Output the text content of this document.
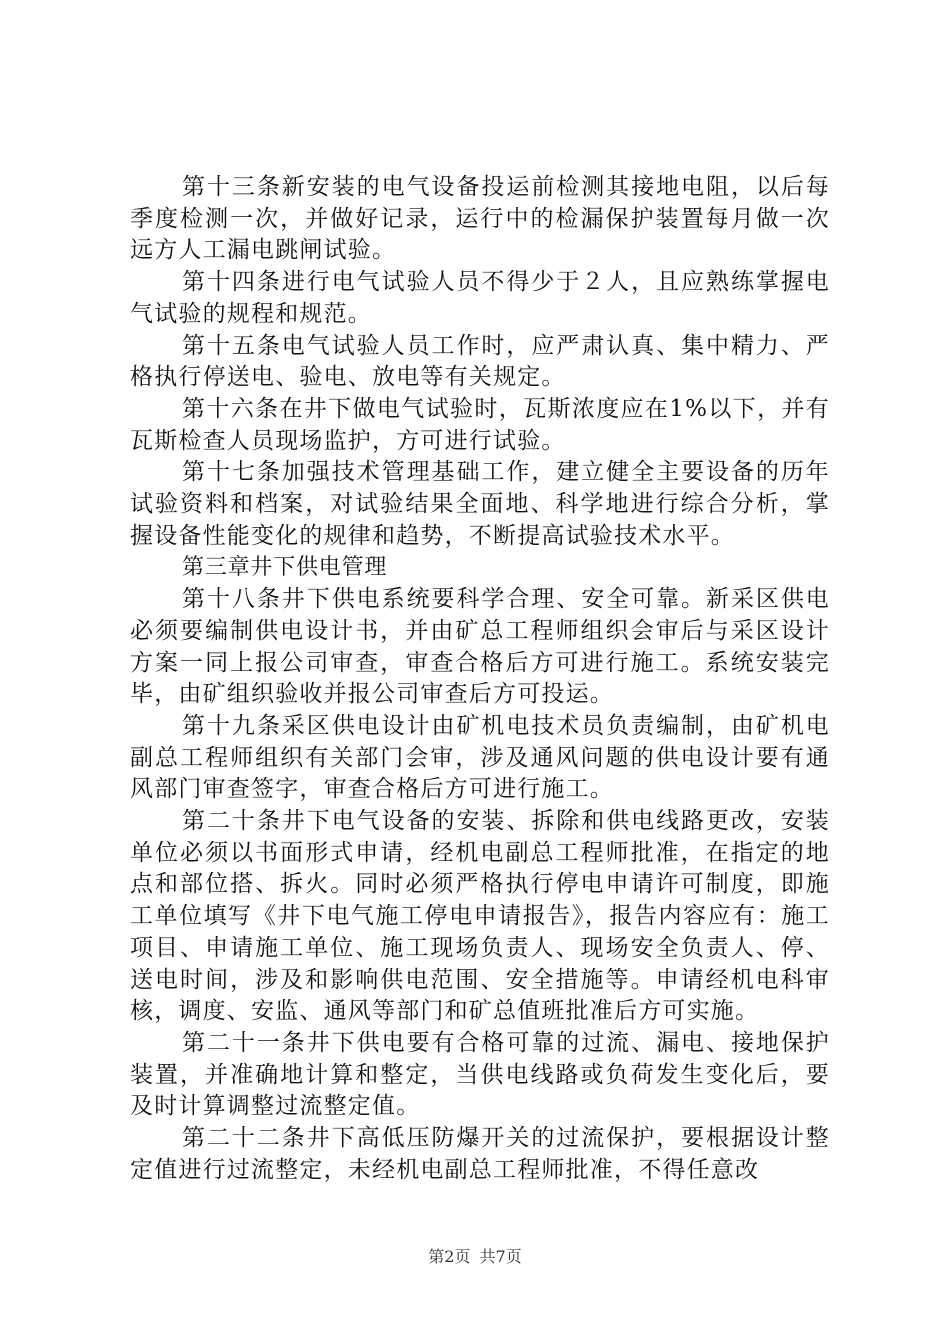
第十三条新安装的电气设备投运前检测其接地电阻，以后每季度检测一次，并做好记录，运行中的检漏保护装置每月做一次远方人工漏电跳闸试验。

第十四条进行电气试验人员不得少于２人，且应熟练掌握电气试验的规程和规范。

第十五条电气试验人员工作时，应严肃认真、集中精力、严格执行停送电、验电、放电等有关规定。

第十六条在井下做电气试验时，瓦斯浓度应在1%以下，并有瓦斯检查人员现场监护，方可进行试验。

第十七条加强技术管理基础工作，建立健全主要设备的历年试验资料和档案，对试验结果全面地、科学地进行综合分析，掌握设备性能变化的规律和趋势，不断提高试验技术水平。

第三章井下供电管理

第十八条井下供电系统要科学合理、安全可靠。新采区供电必须要编制供电设计书，并由矿总工程师组织会审后与采区设计方案一同上报公司审查，审查合格后方可进行施工。系统安装完毕，由矿组织验收并报公司审查后方可投运。

第十九条采区供电设计由矿机电技术员负责编制，由矿机电副总工程师组织有关部门会审，涉及通风问题的供电设计要有通风部门审查签字，审查合格后方可进行施工。

第二十条井下电气设备的安装、拆除和供电线路更改，安装单位必须以书面形式申请，经机电副总工程师批准，在指定的地点和部位搭、拆火。同时必须严格执行停电申请许可制度，即施工单位填写《井下电气施工停电申请报告》，报告内容应有：施工项目、申请施工单位、施工现场负责人、现场安全负责人、停、送电时间，涉及和影响供电范围、安全措施等。申请经机电科审核，调度、安监、通风等部门和矿总值班批准后方可实施。

第二十一条井下供电要有合格可靠的过流、漏电、接地保护装置，并准确地计算和整定，当供电线路或负荷发生变化后，要及时计算调整过流整定值。

第二十二条井下高低压防爆开关的过流保护，要根据设计整定值进行过流整定，未经机电副总工程师批准，不得任意改

第2页 共7页
